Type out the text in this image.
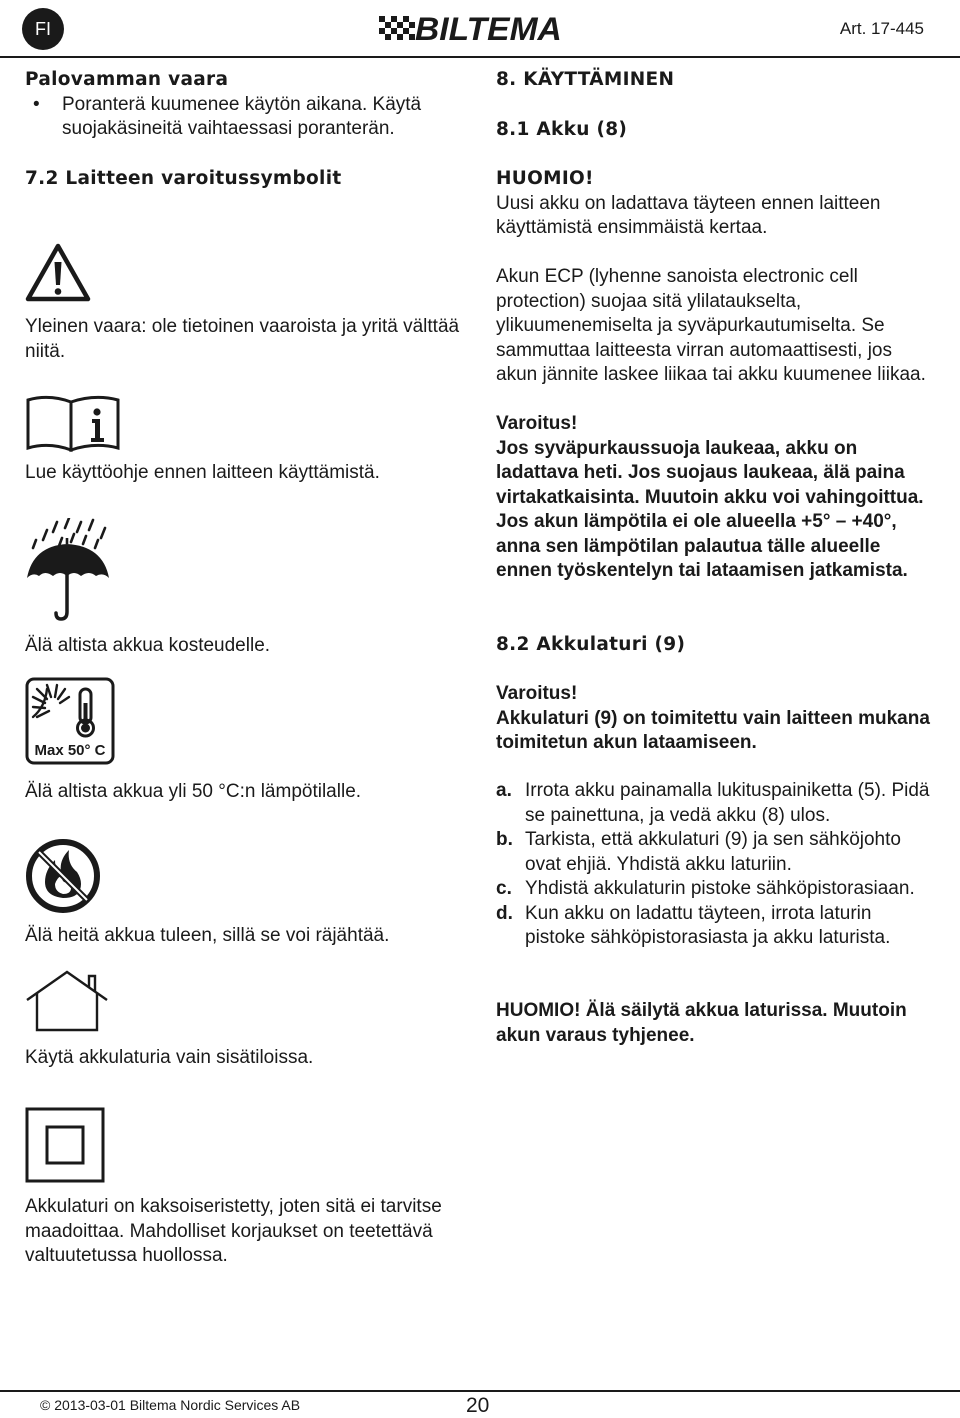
FI	BILTEMA	Art. 17-445
Palovamman vaara
• Poranterä kuumenee käytön aikana. Käytä suojakäsineitä vaihtaessasi poranterän.
7.2 Laitteen varoitussymbolit
Yleinen vaara: ole tietoinen vaaroista ja yritä välttää niitä.
Lue käyttöohje ennen laitteen käyttämistä.
Älä altista akkua kosteudelle.
Max 50° C
Älä altista akkua yli 50 °C:n lämpötilalle.
Älä heitä akkua tuleen, sillä se voi räjähtää.
Käytä akkulaturia vain sisätiloissa.
Akkulaturi on kaksoiseristetty, joten sitä ei tarvitse maadoittaa. Mahdolliset korjaukset on teetettävä valtuutetussa huollossa.
8. KÄYTTÄMINEN
8.1 Akku (8)
HUOMIO!
Uusi akku on ladattava täyteen ennen laitteen käyttämistä ensimmäistä kertaa.
Akun ECP (lyhenne sanoista electronic cell protection) suojaa sitä ylilataukselta, ylikuumenemiselta ja syväpurkautumiselta. Se sammuttaa laitteesta virran automaattisesti, jos akun jännite laskee liikaa tai akku kuumenee liikaa.
Varoitus!
Jos syväpurkaussuoja laukeaa, akku on ladattava heti. Jos suojaus laukeaa, älä paina virtakatkaisinta. Muutoin akku voi vahingoittua. Jos akun lämpötila ei ole alueella +5° – +40°, anna sen lämpötilan palautua tälle alueelle ennen työskentelyn tai lataamisen jatkamista.
8.2 Akkulaturi (9)
Varoitus!
Akkulaturi (9) on toimitettu vain laitteen mukana toimitetun akun lataamiseen.
a. Irrota akku painamalla lukituspainiketta (5). Pidä se painettuna, ja vedä akku (8) ulos.
b. Tarkista, että akkulaturi (9) ja sen sähköjohto ovat ehjiä. Yhdistä akku laturiin.
c. Yhdistä akkulaturin pistoke sähköpistorasiaan.
d. Kun akku on ladattu täyteen, irrota laturin pistoke sähköpistorasiasta ja akku laturista.
HUOMIO! Älä säilytä akkua laturissa. Muutoin akun varaus tyhjenee.
© 2013-03-01 Biltema Nordic Services AB	20
